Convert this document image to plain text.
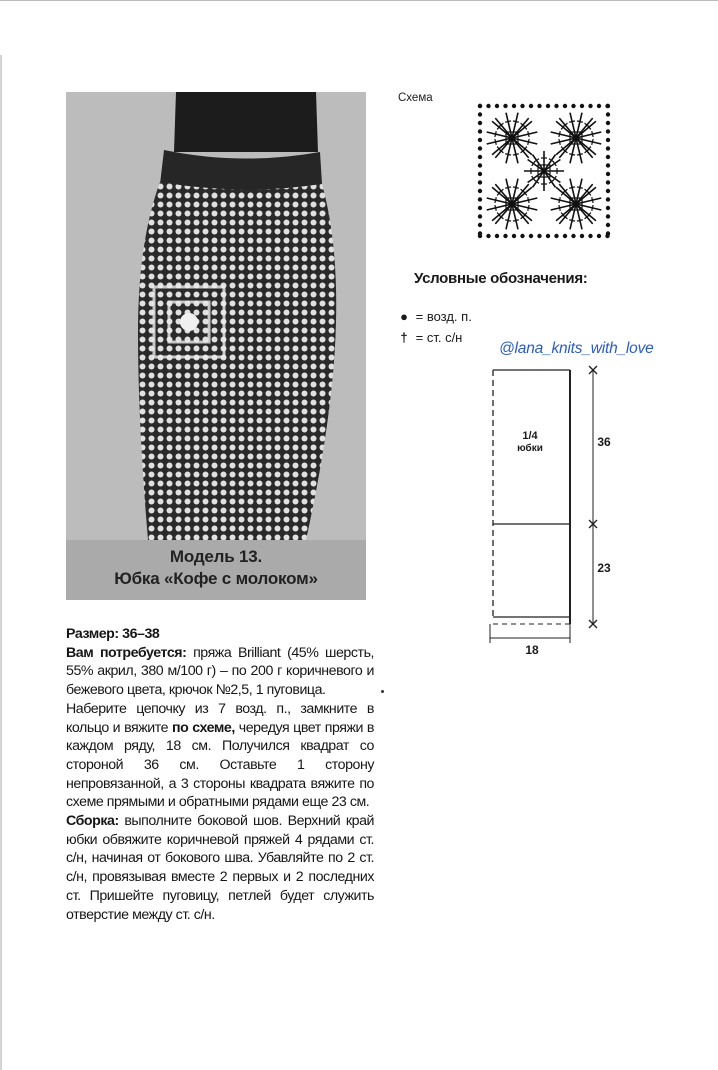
Модель 13.
Юбка «Кофе с молоком»

Размер: 36–38

Вам потребуется: пряжа Brilliant (45% шерсть, 55% акрил, 380 м/100 г) – по 200 г коричневого и бежевого цвета, крючок №2,5, 1 пуговица.

Наберите цепочку из 7 возд. п., замкните в кольцо и вяжите по схеме, чередуя цвет пряжи в каждом ряду, 18 см. Получился квадрат со стороной 36 см. Оставьте 1 сторону непровязанной, а 3 стороны квадрата вяжите по схеме прямыми и обратными рядами еще 23 см.

Сборка: выполните боковой шов. Верхний край юбки обвяжите коричневой пряжей 4 рядами ст. с/н, начиная от бокового шва. Убавляйте по 2 ст. с/н, провязывая вместе 2 первых и 2 последних ст. Пришейте пуговицу, петлей будет служить отверстие между ст. с/н.

Схема
Условные обозначения:
● = возд. п.
† = ст. с/н
@lana_knits_with_love
1/4
юбки	36
23
18
